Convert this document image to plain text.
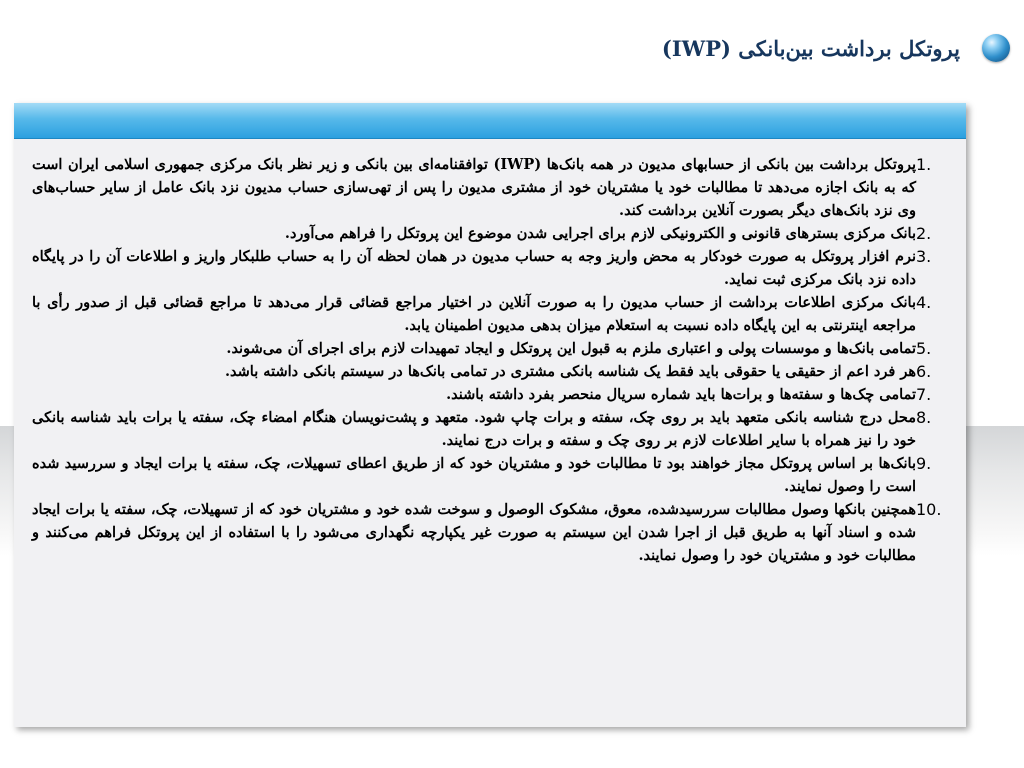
پروتکل برداشت بین‌بانکی (IWP)
1.
پروتکل برداشت بین بانکی از حسابهای مدیون در همه بانک‌ها (IWP) توافقنامه‌ای بین بانکی و زیر نظر بانک مرکزی جمهوری اسلامی ایران است که به بانک اجازه می‌دهد تا مطالبات خود یا مشتریان خود از مشتری مدیون را پس از تهی‌سازی حساب مدیون نزد بانک عامل از سایر حساب‌های وی نزد بانک‌های دیگر بصورت آنلاین برداشت کند.
2.
بانک مرکزی بسترهای قانونی و الکترونیکی لازم برای اجرایی شدن موضوع این پروتکل را فراهم می‌آورد.
3.
نرم افزار پروتکل به صورت خودکار به محض واریز وجه به حساب مدیون در همان لحظه آن را به حساب طلبکار واریز و اطلاعات آن را در پایگاه داده نزد بانک مرکزی ثبت نماید.
4.
بانک مرکزی اطلاعات برداشت از حساب مدیون را به صورت آنلاین در اختیار مراجع قضائی قرار می‌دهد تا مراجع قضائی قبل از صدور رأی با مراجعه اینترنتی به این پایگاه داده نسبت به استعلام میزان بدهی مدیون اطمینان یابد.
5.
تمامی بانک‌ها و موسسات پولی و اعتباری ملزم به قبول این پروتکل و ایجاد تمهیدات لازم برای اجرای آن می‌شوند.
6.
هر فرد اعم از حقیقی یا حقوقی باید فقط یک شناسه بانکی مشتری در تمامی بانک‌ها در سیستم بانکی داشته باشد.
7.
تمامی چک‌ها و سفته‌ها و برات‌ها باید شماره سریال منحصر بفرد داشته باشند.
8.
محل درج شناسه بانکی متعهد باید بر روی چک، سفته و برات چاپ شود. متعهد و پشت‌نویسان هنگام امضاء چک، سفته یا برات باید شناسه بانکی خود را نیز همراه با سایر اطلاعات لازم بر روی چک و سفته و برات درج نمایند.
9.
بانک‌ها بر اساس پروتکل مجاز خواهند بود تا مطالبات خود و مشتریان خود که از طریق اعطای تسهیلات، چک، سفته یا برات ایجاد و سررسید شده است را وصول نمایند.
10.
همچنین بانکها وصول مطالبات سررسیدشده، معوق، مشکوک الوصول و سوخت شده خود و مشتریان خود که از تسهیلات، چک، سفته یا برات ایجاد شده و اسناد آنها به طریق قبل از اجرا شدن این سیستم به صورت غیر یکپارچه نگهداری می‌شود را با استفاده از این پروتکل فراهم می‌کنند و مطالبات خود و مشتریان خود را وصول نمایند.
